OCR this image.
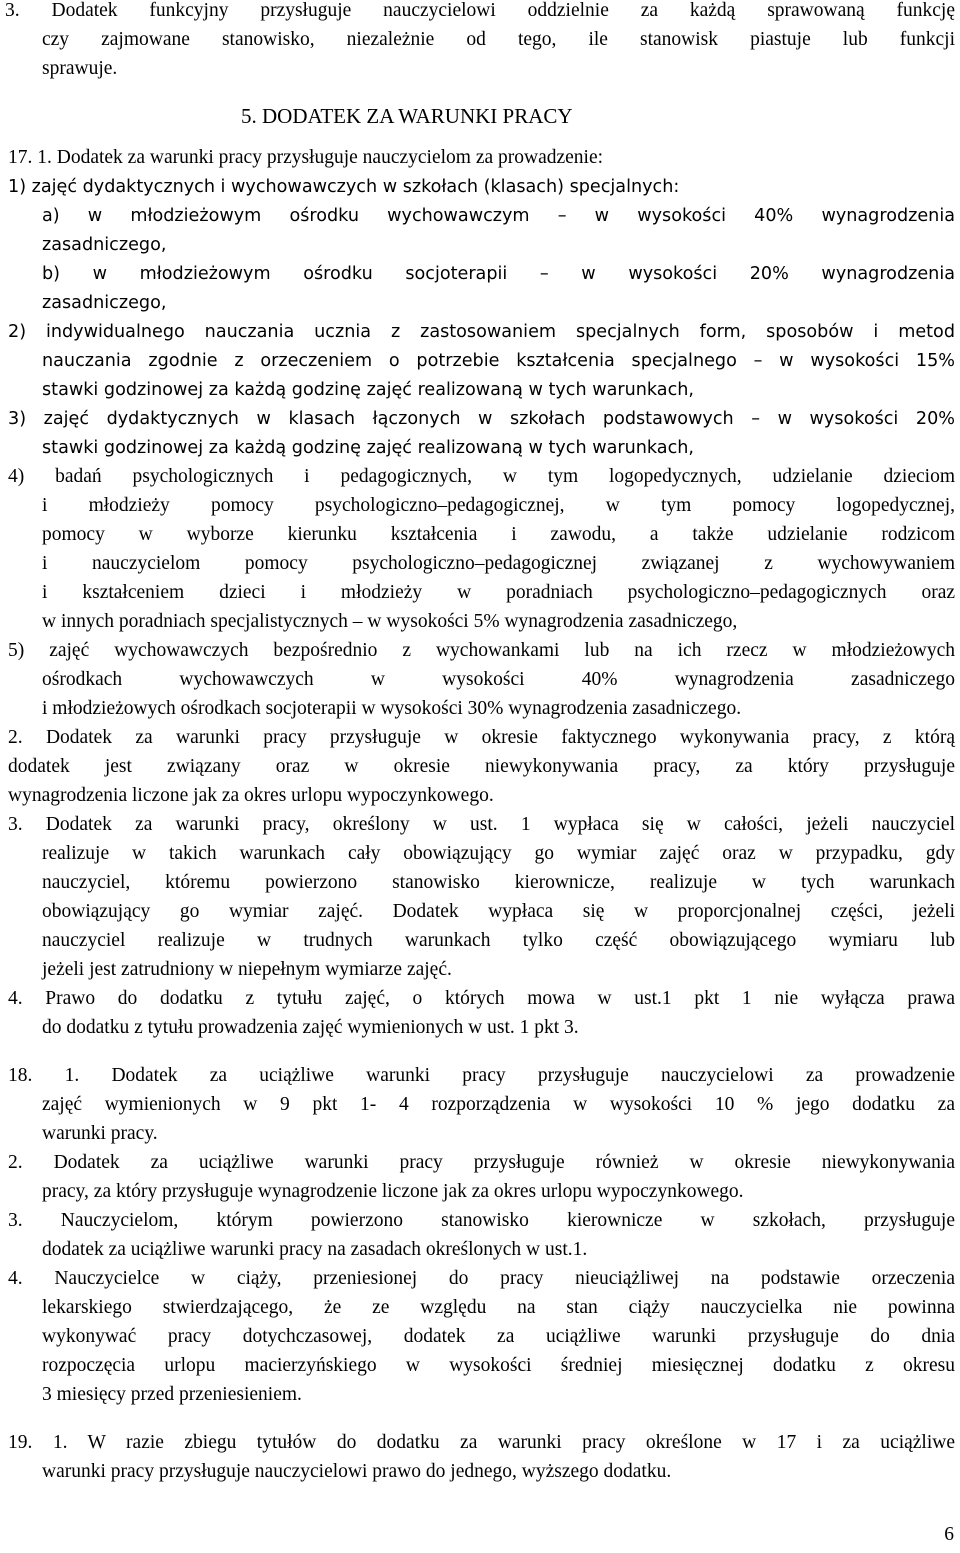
3. Dodatek funkcyjny przysługuje nauczycielowi oddzielnie za każdą sprawowaną funkcję
czy zajmowane stanowisko, niezależnie od tego, ile stanowisk piastuje lub funkcji
sprawuje.
5. DODATEK ZA WARUNKI PRACY
17. 1. Dodatek za warunki pracy przysługuje nauczycielom za prowadzenie:
1) zajęć dydaktycznych i wychowawczych w szkołach (klasach) specjalnych:
a) w młodzieżowym ośrodku wychowawczym – w wysokości 40% wynagrodzenia
zasadniczego,
b) w młodzieżowym ośrodku socjoterapii – w wysokości 20% wynagrodzenia
zasadniczego,
2) indywidualnego nauczania ucznia z zastosowaniem specjalnych form, sposobów i metod
nauczania zgodnie z orzeczeniem o potrzebie kształcenia specjalnego – w wysokości 15%
stawki godzinowej za każdą godzinę zajęć realizowaną w tych warunkach,
3) zajęć dydaktycznych w klasach łączonych w szkołach podstawowych – w wysokości 20%
stawki godzinowej za każdą godzinę zajęć realizowaną w tych warunkach,
4) badań psychologicznych i pedagogicznych, w tym logopedycznych, udzielanie dzieciom
i młodzieży pomocy psychologiczno–pedagogicznej, w tym pomocy logopedycznej,
pomocy w wyborze kierunku kształcenia i zawodu, a także udzielanie rodzicom
i nauczycielom pomocy psychologiczno–pedagogicznej związanej z wychowywaniem
i kształceniem dzieci i młodzieży w poradniach psychologiczno–pedagogicznych oraz
w innych poradniach specjalistycznych – w wysokości 5% wynagrodzenia zasadniczego,
5) zajęć wychowawczych bezpośrednio z wychowankami lub na ich rzecz w młodzieżowych
ośrodkach wychowawczych w wysokości 40% wynagrodzenia zasadniczego
i młodzieżowych ośrodkach socjoterapii w wysokości 30% wynagrodzenia zasadniczego.
2. Dodatek za warunki pracy przysługuje w okresie faktycznego wykonywania pracy, z którą
dodatek jest związany oraz w okresie niewykonywania pracy, za który przysługuje
wynagrodzenia liczone jak za okres urlopu wypoczynkowego.
3. Dodatek za warunki pracy, określony w ust. 1 wypłaca się w całości, jeżeli nauczyciel
realizuje w takich warunkach cały obowiązujący go wymiar zajęć oraz w przypadku, gdy
nauczyciel, któremu powierzono stanowisko kierownicze, realizuje w tych warunkach
obowiązujący go wymiar zajęć. Dodatek wypłaca się w proporcjonalnej części, jeżeli
nauczyciel realizuje w trudnych warunkach tylko część obowiązującego wymiaru lub
jeżeli jest zatrudniony w niepełnym wymiarze zajęć.
4. Prawo do dodatku z tytułu zajęć, o których mowa w ust.1 pkt 1 nie wyłącza prawa
do dodatku z tytułu prowadzenia zajęć wymienionych w ust. 1 pkt 3.
18. 1. Dodatek za uciążliwe warunki pracy przysługuje nauczycielowi za prowadzenie
zajęć wymienionych w 9 pkt 1- 4 rozporządzenia w wysokości 10 % jego dodatku za
warunki pracy.
2. Dodatek za uciążliwe warunki pracy przysługuje również w okresie niewykonywania
pracy, za który przysługuje wynagrodzenie liczone jak za okres urlopu wypoczynkowego.
3. Nauczycielom, którym powierzono stanowisko kierownicze w szkołach, przysługuje
dodatek za uciążliwe warunki pracy na zasadach określonych w ust.1.
4. Nauczycielce w ciąży, przeniesionej do pracy nieuciążliwej na podstawie orzeczenia
lekarskiego stwierdzającego, że ze względu na stan ciąży nauczycielka nie powinna
wykonywać pracy dotychczasowej, dodatek za uciążliwe warunki przysługuje do dnia
rozpoczęcia urlopu macierzyńskiego w wysokości średniej miesięcznej dodatku z okresu
3 miesięcy przed przeniesieniem.
19. 1. W razie zbiegu tytułów do dodatku za warunki pracy określone w 17 i za uciążliwe
warunki pracy przysługuje nauczycielowi prawo do jednego, wyższego dodatku.
6
